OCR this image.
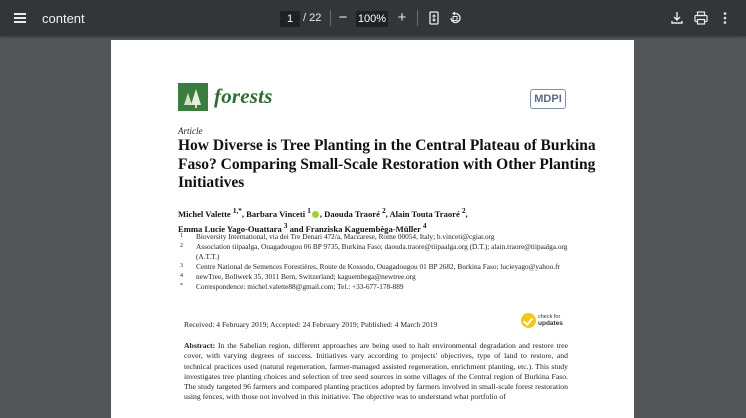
content	1 / 22	− 100% +
forests	MDPI
Article
How Diverse is Tree Planting in the Central Plateau of Burkina Faso? Comparing Small-Scale Restoration with Other Planting Initiatives
Michel Valette $^{1,*}$, Barbara Vinceti $^1$ , Daouda Traoré $^2$, Alain Touta Traoré $^2$,
Emma Lucie Yago-Ouattara $^3$ and Franziska Kaguembèga-Müller $^4$
1 Bioversity International, via dei Tre Denari 472/a, Maccarese, Rome 00054, Italy; b.vinceti@cgiar.org
2 Association tiipaalga, Ouagadougou 06 BP 9735, Burkina Faso; daouda.traore@tiipaalga.org (D.T.); alain.traore@tiipaalga.org (A.T.T.)
3 Centre National de Semences Forestières, Route de Kossodo, Ouagadougou 01 BP 2682, Burkina Faso; lucieyago@yahoo.fr
4 newTree, Bollwerk 35, 3011 Bern, Switzerland; kaguembega@newtree.org
* Correspondence: michel.valette88@gmail.com; Tel.: +33-677-178-889
Received: 4 February 2019; Accepted: 24 February 2019; Published: 4 March 2019
check for
updates
Abstract: In the Sahelian region, different approaches are being used to halt environmental degradation and restore tree cover, with varying degrees of success. Initiatives vary according to projects' objectives, type of land to restore, and technical practices used (natural regeneration, farmer-managed assisted regeneration, enrichment planting, etc.). This study investigates tree planting choices and selection of tree seed sources in some villages of the Central region of Burkina Faso. The study targeted 96 farmers and compared planting practices adopted by farmers involved in small-scale forest restoration using fences, with those not involved in this initiative. The objective was to understand what portfolio of
